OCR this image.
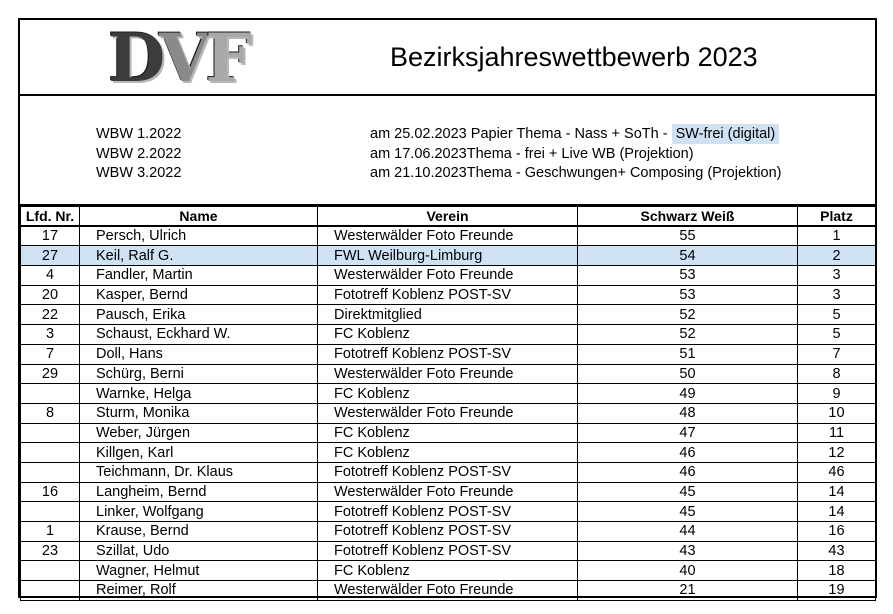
DVF	Bezirksjahreswettbewerb 2023
WBW 1.2022	am 25.02.2023 Papier Thema - Nass + SoTh - SW-frei (digital)
WBW 2.2022	am 17.06.2023Thema - frei + Live WB (Projektion)
WBW 3.2022	am 21.10.2023Thema - Geschwungen+ Composing (Projektion)
Lfd. Nr.	Name	Verein	Schwarz Weiß	Platz
17	Persch, Ulrich	Westerwälder Foto Freunde	55	1
27	Keil, Ralf G.	FWL Weilburg-Limburg	54	2
4	Fandler, Martin	Westerwälder Foto Freunde	53	3
20	Kasper, Bernd	Fototreff Koblenz POST-SV	53	3
22	Pausch, Erika	Direktmitglied	52	5
3	Schaust, Eckhard W.	FC Koblenz	52	5
7	Doll, Hans	Fototreff Koblenz POST-SV	51	7
29	Schürg, Berni	Westerwälder Foto Freunde	50	8
	Warnke, Helga	FC Koblenz	49	9
8	Sturm, Monika	Westerwälder Foto Freunde	48	10
	Weber, Jürgen	FC Koblenz	47	11
	Killgen, Karl	FC Koblenz	46	12
	Teichmann, Dr. Klaus	Fototreff Koblenz POST-SV	46	46
16	Langheim, Bernd	Westerwälder Foto Freunde	45	14
	Linker, Wolfgang	Fototreff Koblenz POST-SV	45	14
1	Krause, Bernd	Fototreff Koblenz POST-SV	44	16
23	Szillat, Udo	Fototreff Koblenz POST-SV	43	43
	Wagner, Helmut	FC Koblenz	40	18
	Reimer, Rolf	Westerwälder Foto Freunde	21	19
